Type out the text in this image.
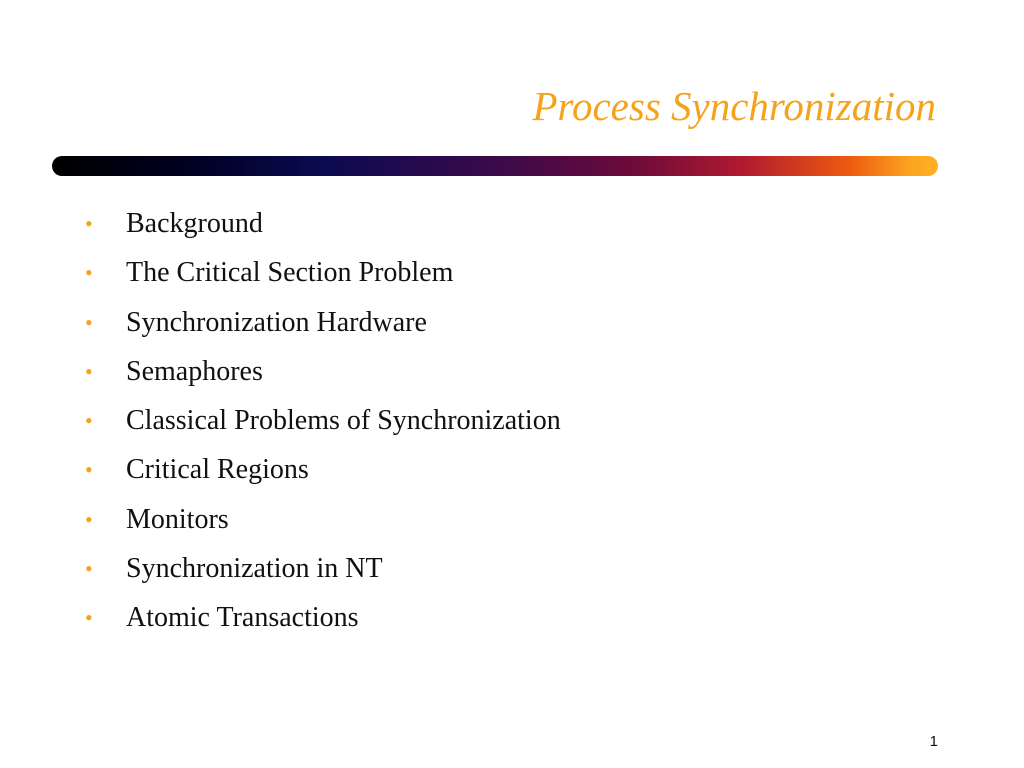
Process Synchronization
• Background
• The Critical Section Problem
• Synchronization Hardware
• Semaphores
• Classical Problems of Synchronization
• Critical Regions
• Monitors
• Synchronization in NT
• Atomic Transactions
1
